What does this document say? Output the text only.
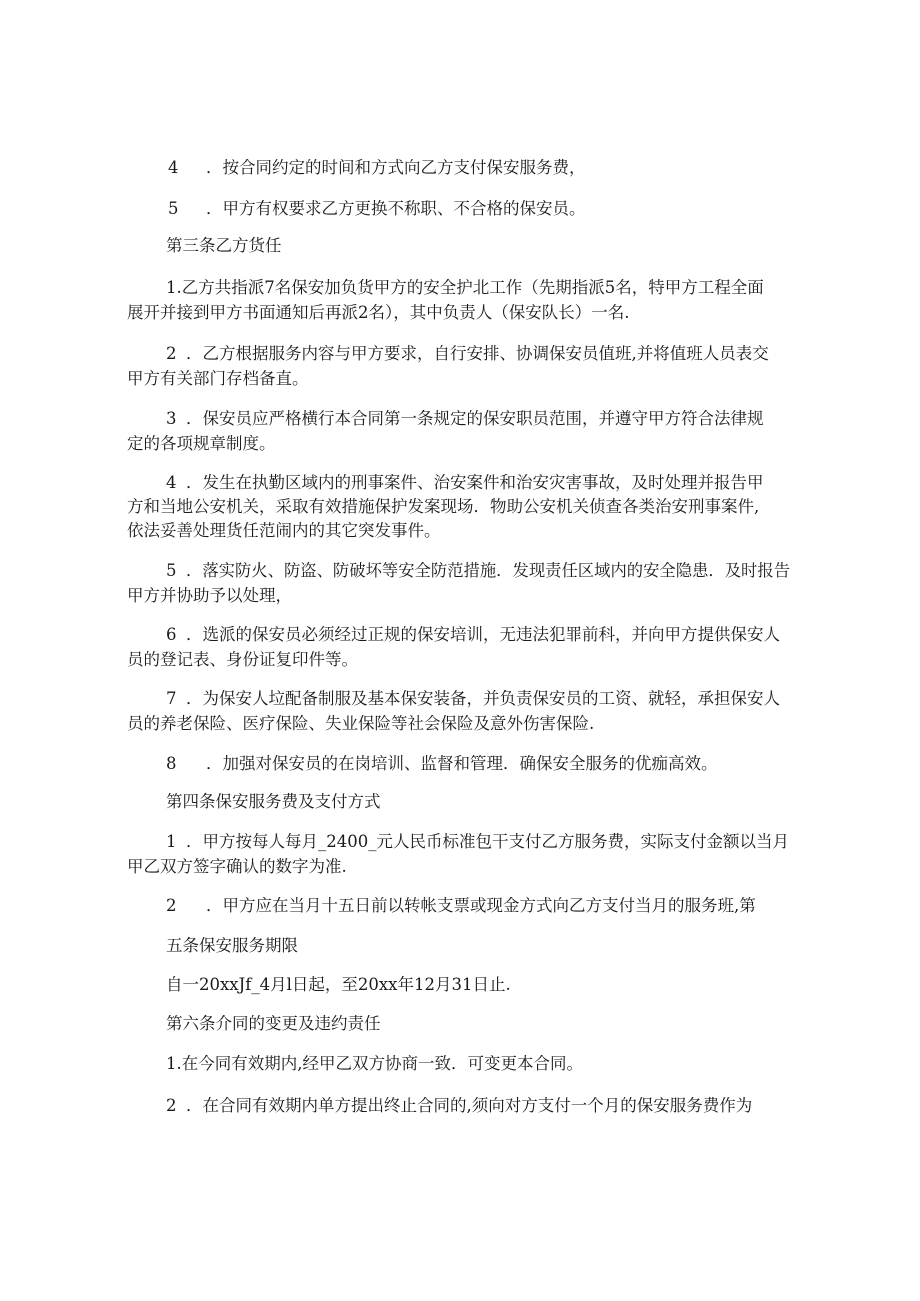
4 ．按合同约定的时间和方式向乙方支付保安服务费，
5 ．甲方有权要求乙方更换不称职、不合格的保安员。
第三条乙方货任
1.乙方共指派7名保安加负货甲方的安全护北工作（先期指派5名，特甲方工程全面
展开并接到甲方书面通知后再派2名），其中负责人（保安队长）一名.
2 ．乙方根据服务内容与甲方要求，自行安排、协调保安员值班,并将值班人员表交
甲方有关部门存档备直。
3 ．保安员应严格横行本合同第一条规定的保安职员范围，并遵守甲方符合法律规
定的各项规章制度。
4 ．发生在执勤区域内的刑事案件、治安案件和治安灾害事故，及时处理并报告甲
方和当地公安机关，采取有效措施保护发案现场．物助公安机关侦查各类治安刑事案件,
依法妥善处理货任范闹内的其它突发事件。
5 ．落实防火、防盗、防破坏等安全防范措施．发现责任区域内的安全隐患．及时报告
甲方并协助予以处理，
6 ．选派的保安员必须经过正规的保安培训，无违法犯罪前科，并向甲方提供保安人
员的登记表、身份证复印件等。
7 ．为保安人垃配备制服及基本保安装备，并负责保安员的工资、就轻，承担保安人
员的养老保险、医疗保险、失业保险等社会保险及意外伤害保险.
8 ．加强对保安员的在岗培训、监督和管理．确保安全服务的优痂高效。
第四条保安服务费及支付方式
1 ．甲方按每人每月_2400_元人民币标准包干支付乙方服务费，实际支付金额以当月
甲乙双方签字确认的数字为准.
2 ．甲方应在当月十五日前以转帐支票或现金方式向乙方支付当月的服务班,第
五条保安服务期限
自一20xxJf_4月l日起，至20xx年12月31日止.
第六条介同的变更及违约责任
1.在今同有效期内,经甲乙双方协商一致．可变更本合同。
2 ．在合同有效期内单方提出终止合同的,须向对方支付一个月的保安服务费作为
